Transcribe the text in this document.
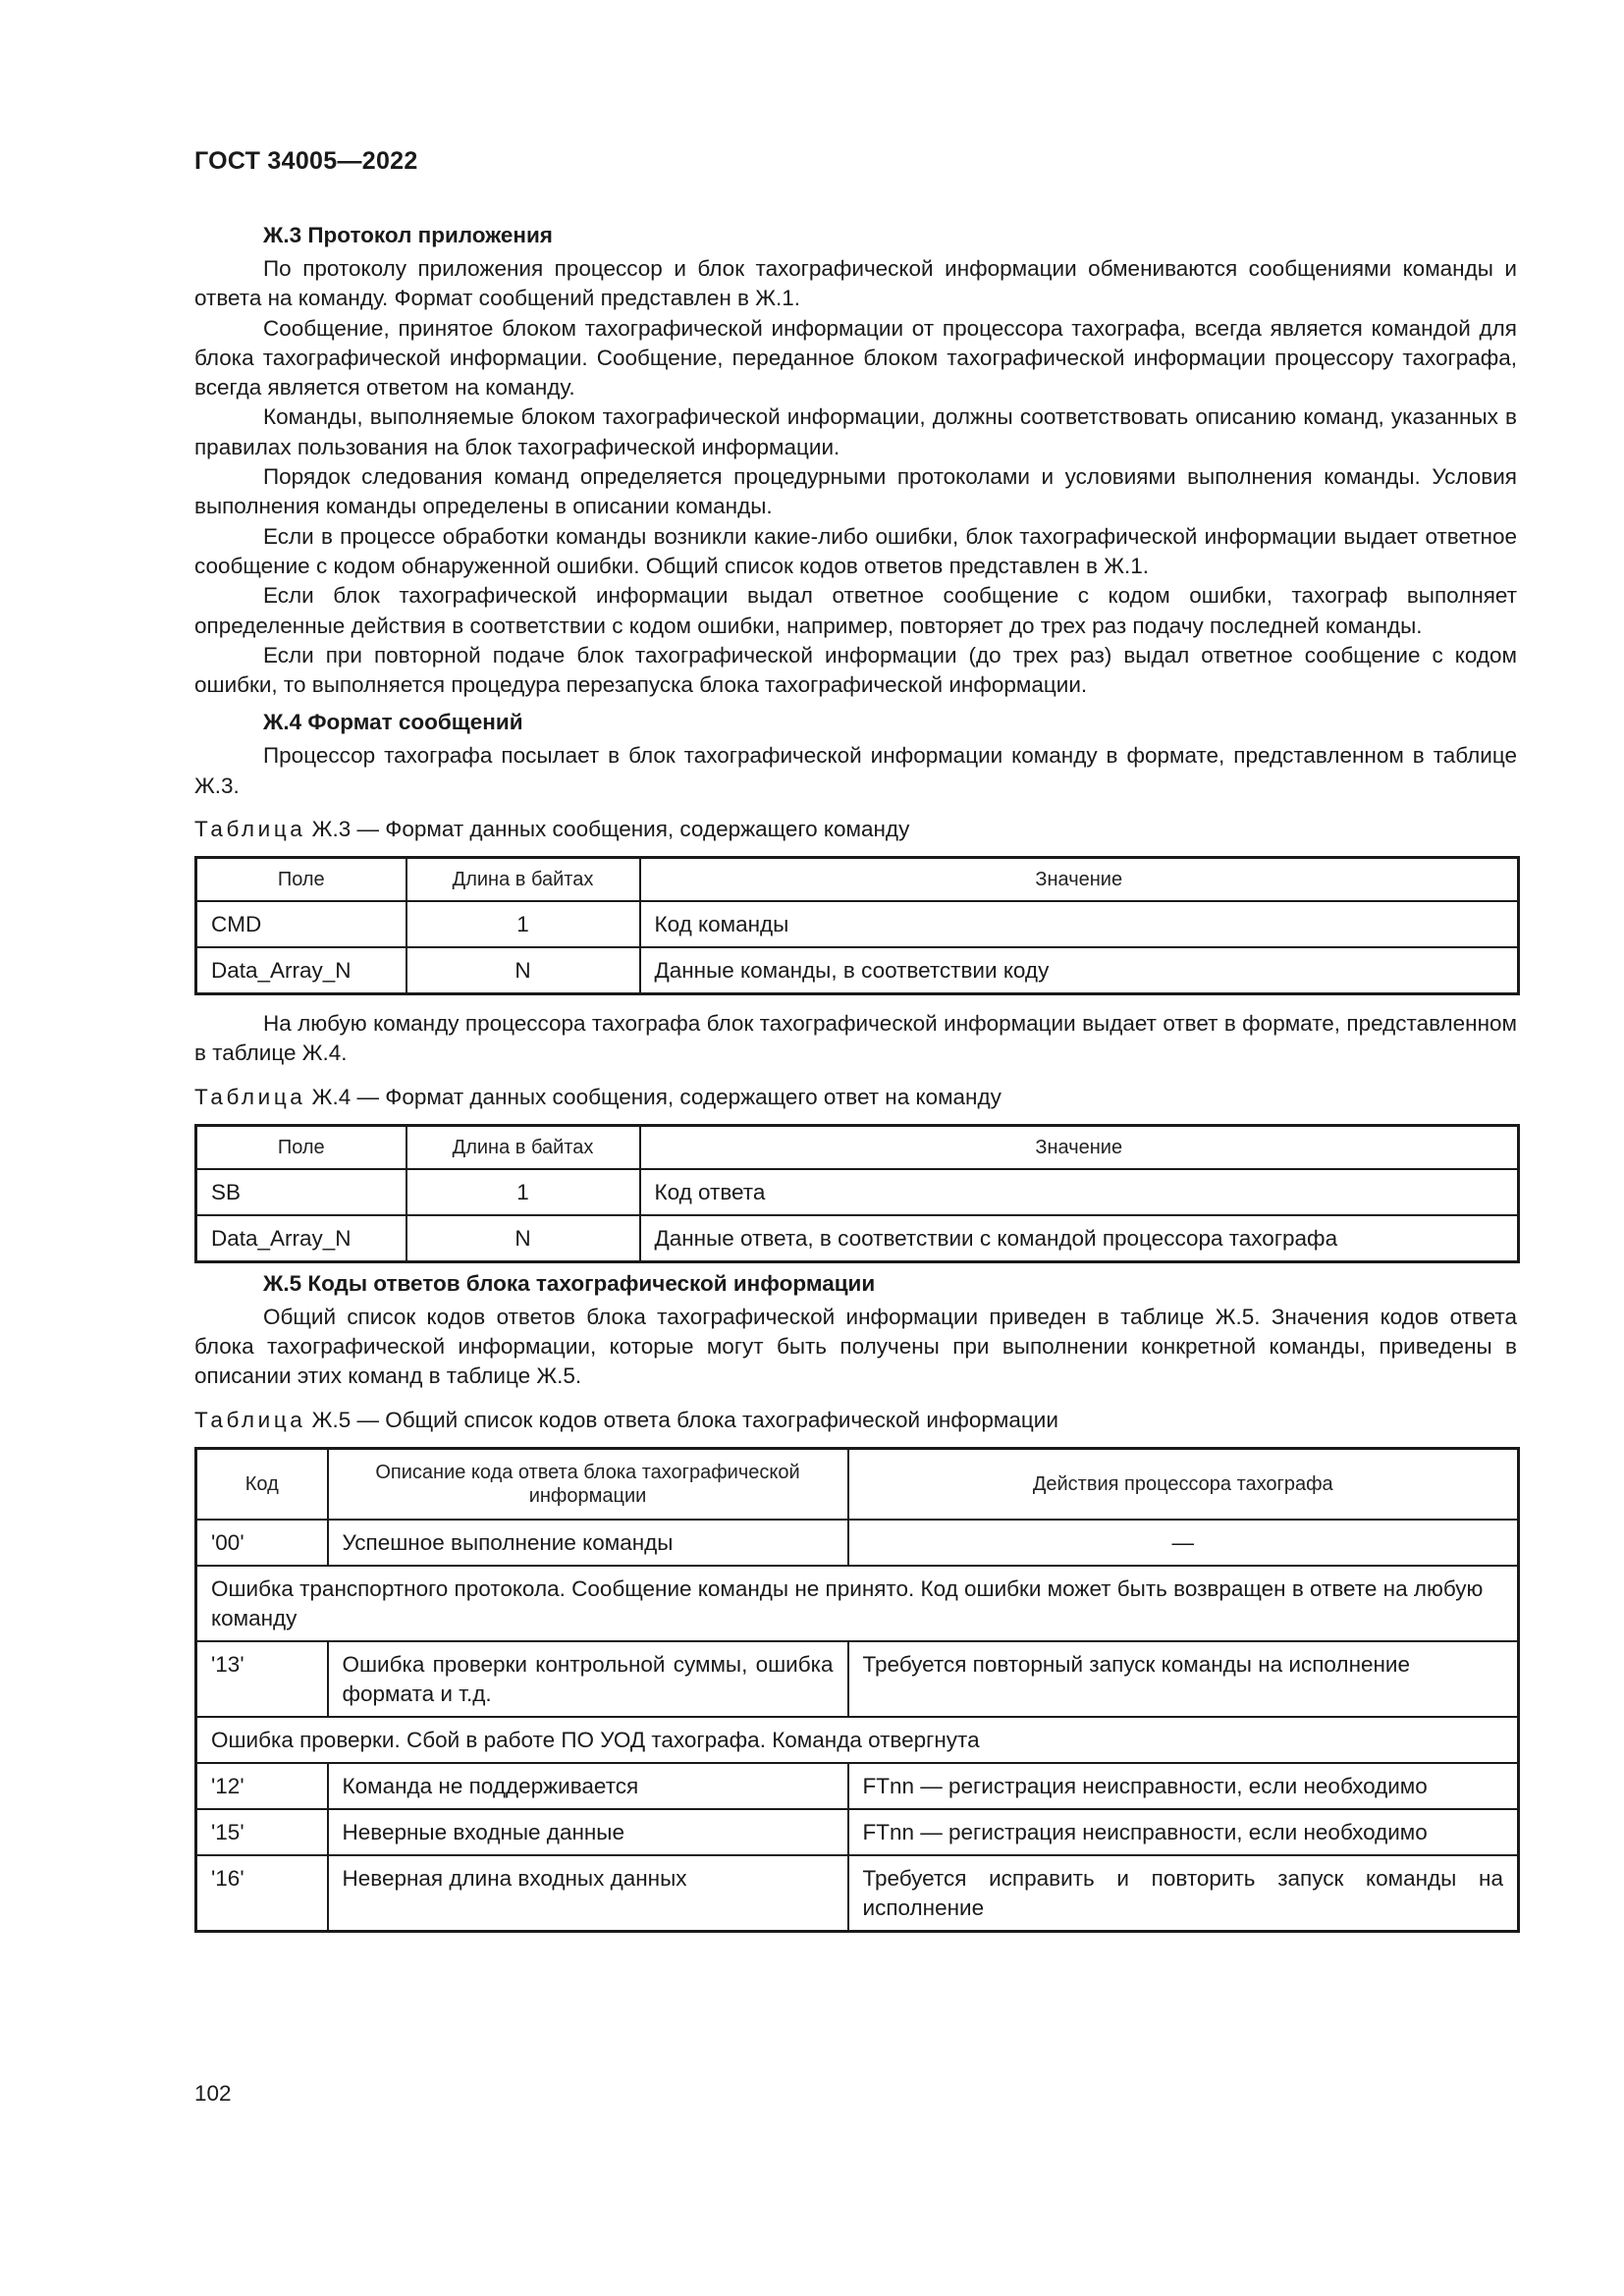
ГОСТ 34005—2022
Ж.3 Протокол приложения

По протоколу приложения процессор и блок тахографической информации обмениваются сообщениями команды и ответа на команду. Формат сообщений представлен в Ж.1.

Сообщение, принятое блоком тахографической информации от процессора тахографа, всегда является командой для блока тахографической информации. Сообщение, переданное блоком тахографической информации процессору тахографа, всегда является ответом на команду.

Команды, выполняемые блоком тахографической информации, должны соответствовать описанию команд, указанных в правилах пользования на блок тахографической информации.

Порядок следования команд определяется процедурными протоколами и условиями выполнения команды. Условия выполнения команды определены в описании команды.

Если в процессе обработки команды возникли какие-либо ошибки, блок тахографической информации выдает ответное сообщение с кодом обнаруженной ошибки. Общий список кодов ответов представлен в Ж.1.

Если блок тахографической информации выдал ответное сообщение с кодом ошибки, тахограф выполняет определенные действия в соответствии с кодом ошибки, например, повторяет до трех раз подачу последней команды.

Если при повторной подаче блок тахографической информации (до трех раз) выдал ответное сообщение с кодом ошибки, то выполняется процедура перезапуска блока тахографической информации.

Ж.4 Формат сообщений

Процессор тахографа посылает в блок тахографической информации команду в формате, представленном в таблице Ж.3.

Таблица Ж.3 — Формат данных сообщения, содержащего команду
Поле	Длина в байтах	Значение
CMD	1	Код команды
Data_Array_N	N	Данные команды, в соответствии коду

На любую команду процессора тахографа блок тахографической информации выдает ответ в формате, представленном в таблице Ж.4.

Таблица Ж.4 — Формат данных сообщения, содержащего ответ на команду
Поле	Длина в байтах	Значение
SB	1	Код ответа
Data_Array_N	N	Данные ответа, в соответствии с командой процессора тахографа
Ж.5 Коды ответов блока тахографической информации

Общий список кодов ответов блока тахографической информации приведен в таблице Ж.5. Значения кодов ответа блока тахографической информации, которые могут быть получены при выполнении конкретной команды, приведены в описании этих команд в таблице Ж.5.

Таблица Ж.5 — Общий список кодов ответа блока тахографической информации
Код	Описание кода ответа блока тахографической информации	Действия процессора тахографа
'00'	Успешное выполнение команды	—
Ошибка транспортного протокола. Сообщение команды не принято. Код ошибки может быть возвращен в ответе на любую команду		
'13'	Ошибка проверки контрольной суммы, ошибка формата и т.д.	Требуется повторный запуск команды на исполнение
Ошибка проверки. Сбой в работе ПО УОД тахографа. Команда отвергнута		
'12'	Команда не поддерживается	FTnn — регистрация неисправности, если необходимо
'15'	Неверные входные данные	FTnn — регистрация неисправности, если необходимо
'16'	Неверная длина входных данных	Требуется исправить и повторить запуск команды на исполнение
102
